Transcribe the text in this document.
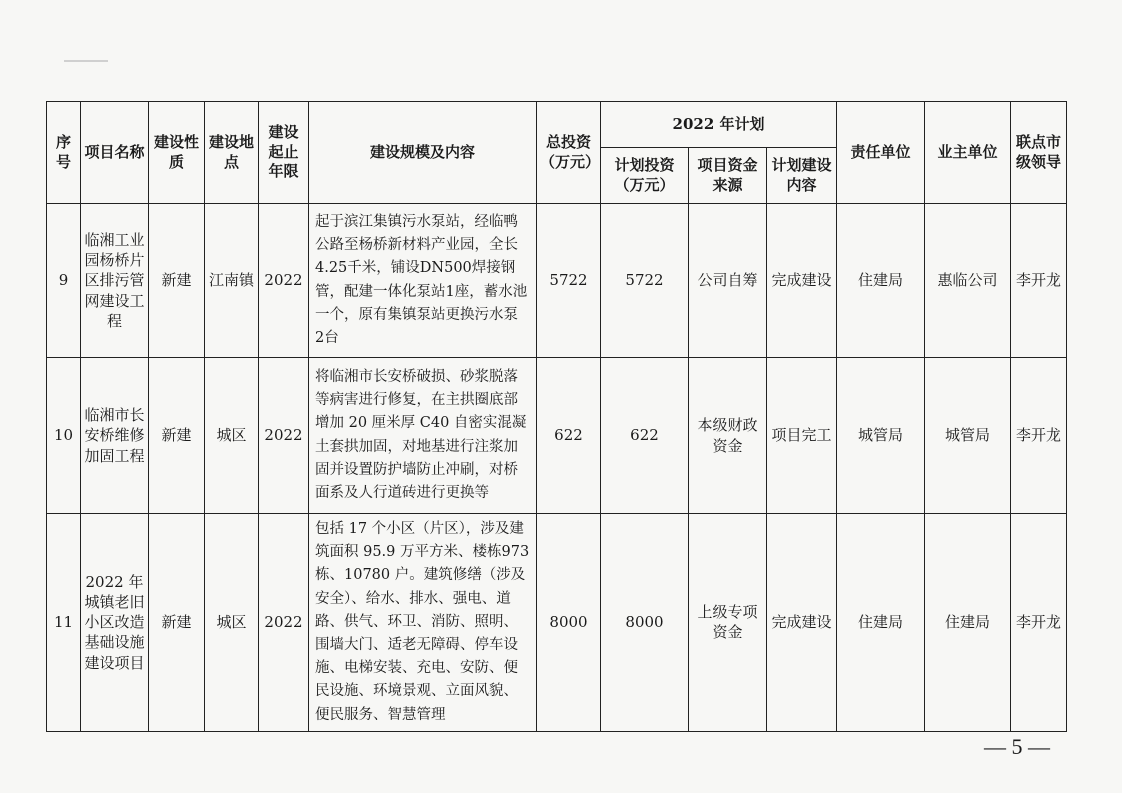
序号	项目名称	建设性质	建设地点	建设起止年限	建设规模及内容	总投资（万元）	2022 年计划			责任单位	业主单位	联点市级领导
							计划投资（万元）	项目资金来源	计划建设内容			
9	临湘工业园杨桥片区排污管网建设工程	新建	江南镇	2022	起于滨江集镇污水泵站，经临鸭公路至杨桥新材料产业园，全长4.25千米，铺设DN500焊接钢管，配建一体化泵站1座，蓄水池一个，原有集镇泵站更换污水泵 2台	5722	5722	公司自筹	完成建设	住建局	惠临公司	李开龙
10	临湘市长安桥维修加固工程	新建	城区	2022	将临湘市长安桥破损、砂浆脱落等病害进行修复，在主拱圈底部增加 20 厘米厚 C40 自密实混凝土套拱加固，对地基进行注浆加固并设置防护墙防止冲刷，对桥面系及人行道砖进行更换等	622	622	本级财政资金	项目完工	城管局	城管局	李开龙
11	2022 年城镇老旧小区改造基础设施建设项目	新建	城区	2022	包括 17 个小区（片区），涉及建筑面积 95.9 万平方米、楼栋973 栋、10780 户。建筑修缮（涉及安全）、给水、排水、强电、道路、供气、环卫、消防、照明、围墙大门、适老无障碍、停车设施、电梯安装、充电、安防、便民设施、环境景观、立面风貌、便民服务、智慧管理	8000	8000	上级专项资金	完成建设	住建局	住建局	李开龙
— 5 —
